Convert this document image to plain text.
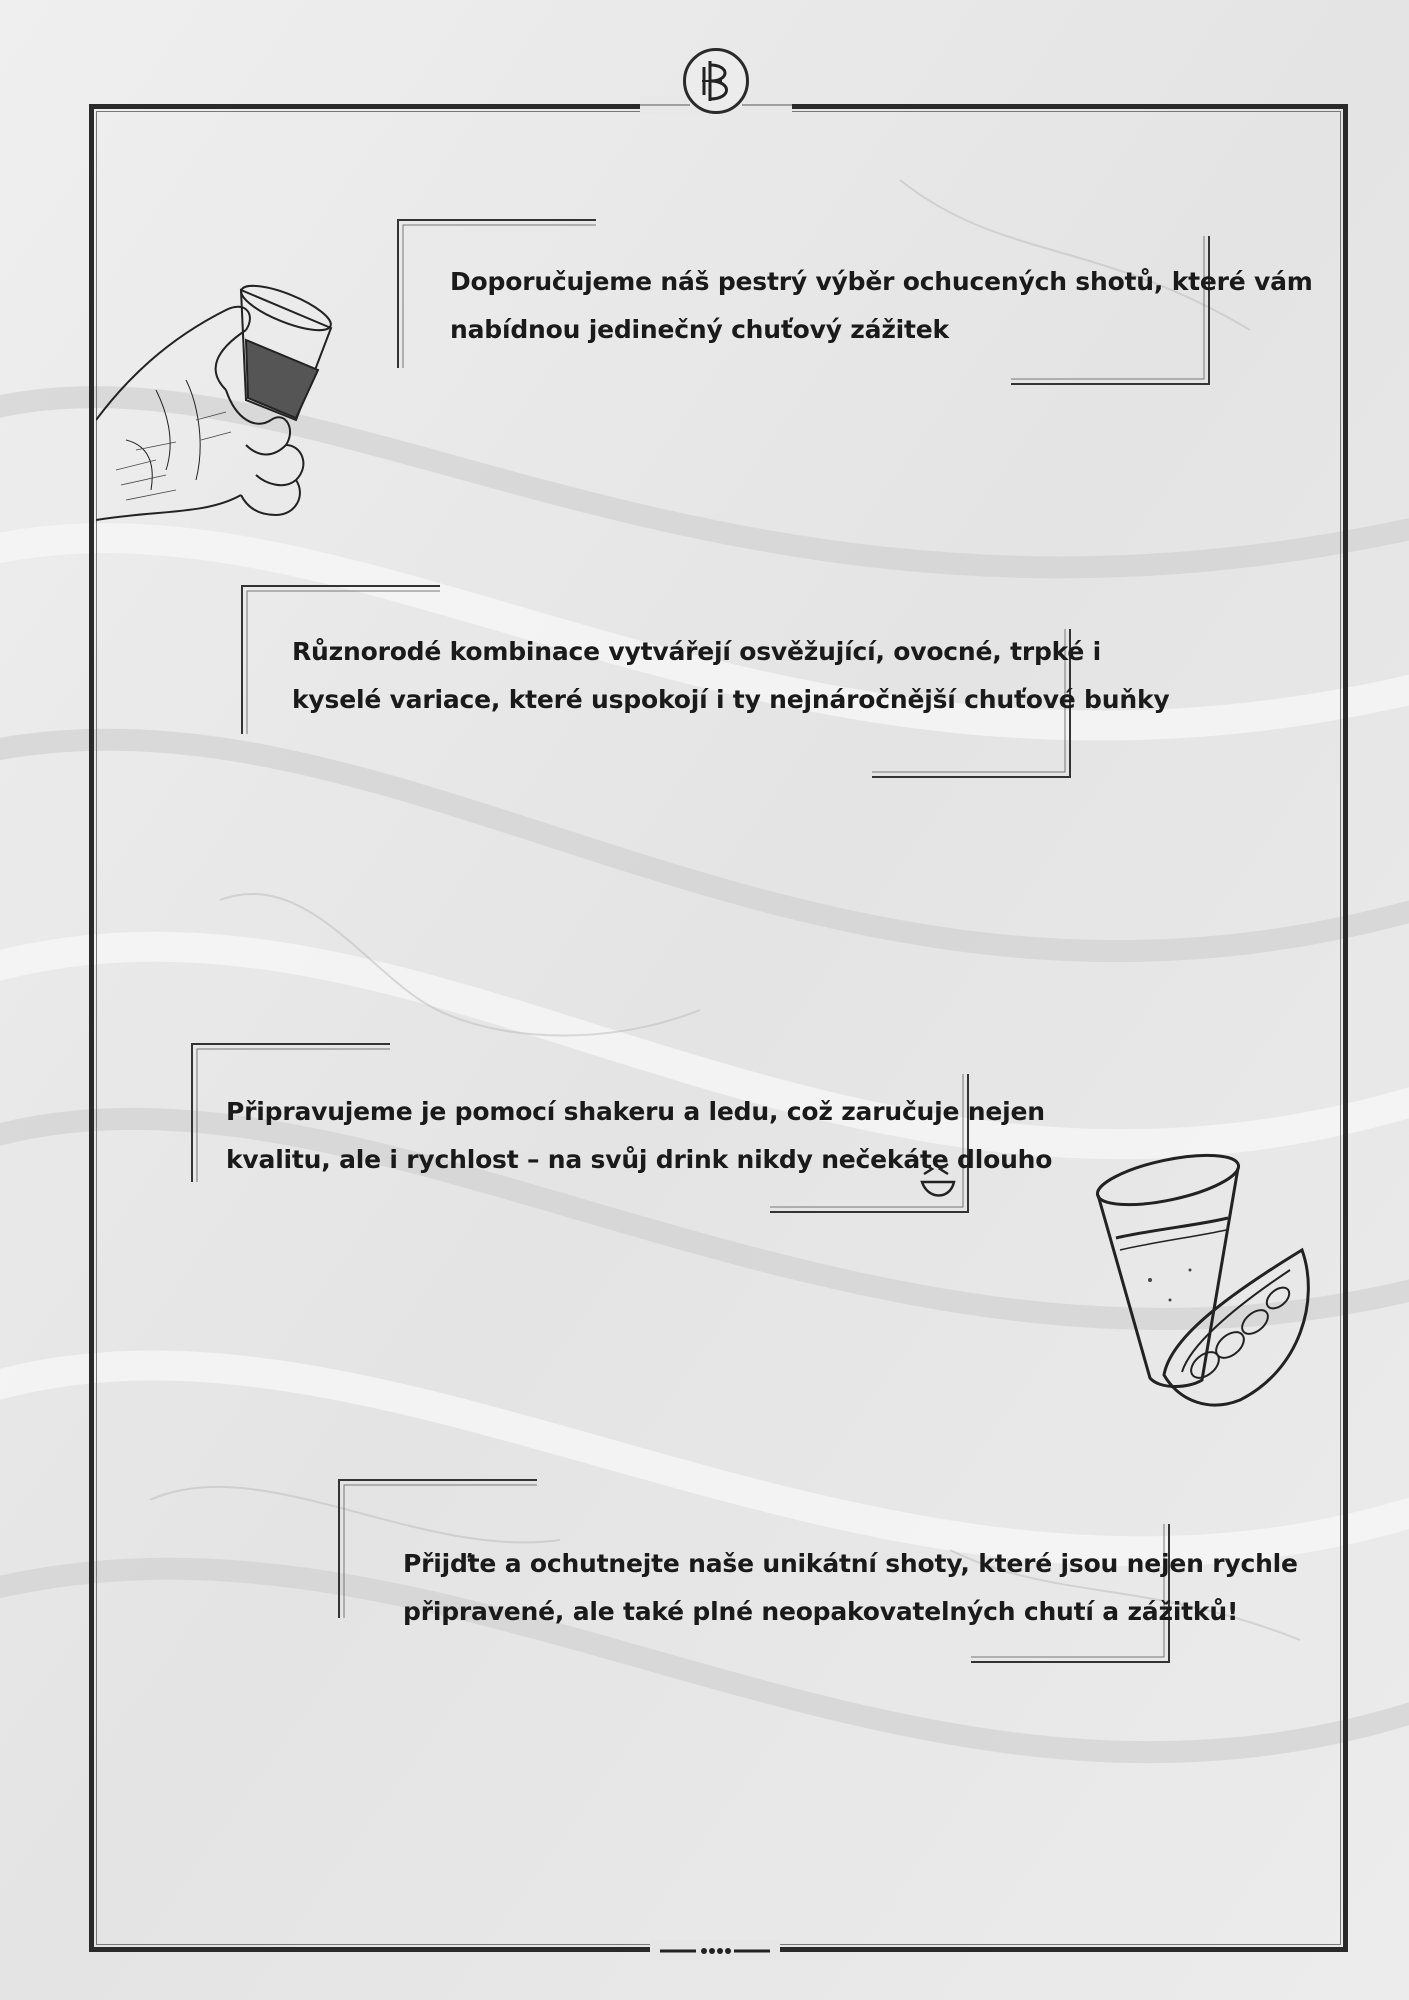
Doporučujeme náš pestrý výběr ochucených shotů, které vám
nabídnou jedinečný chuťový zážitek
Různorodé kombinace vytvářejí osvěžující, ovocné, trpké i
kyselé variace, které uspokojí i ty nejnáročnější chuťové buňky
Připravujeme je pomocí shakeru a ledu, což zaručuje nejen
kvalitu, ale i rychlost – na svůj drink nikdy nečekáte dlouho
Přijďte a ochutnejte naše unikátní shoty, které jsou nejen rychle
připravené, ale také plné neopakovatelných chutí a zážitků!
